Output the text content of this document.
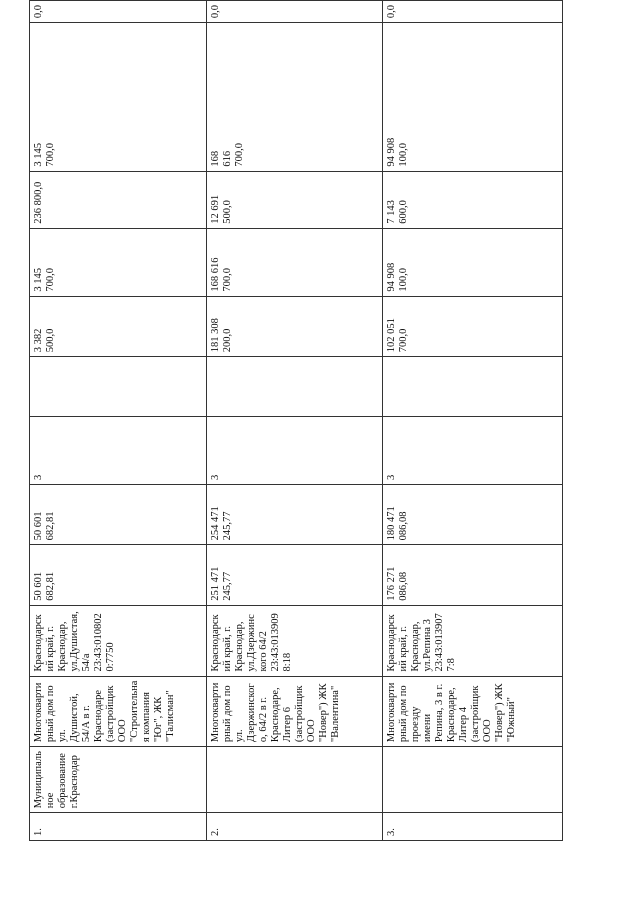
1.	Муниципаль ное образование г.Краснодар	Многокварти рный дом по ул. Душистой, 54/А в г. Краснодаре (застройщик ООО "Строительна я компания "Юг", ЖК "Талисман"	Краснодарск ий край, г. Краснодар, ул.Душистая, 54/а 23:43:010802 0:7750	50 601
682,81	50 601
682,81	3		3 382
500,0	3 145
700,0	236 800,0	3 145
700,0	0,0
2.		Многокварти рный дом по ул. Дзержинског о, 64/2 в г. Краснодаре, Литер 6 (застройщик ООО "Новер") ЖК "Валентина"	Краснодарск ий край, г. Краснодар, ул.Дзержинс кого 64/2 23:43:013909 8:18	251 471
245,77	254 471
245,77	3		181 308
200,0	168 616
700,0	12 691
500,0	168
616
700,0	0,0
3.		Многокварти рный дом по проезду имени Репина, 3 в г. Краснодаре, Литер 4 (застройщик ООО "Новер") ЖК "Южный"	Краснодарск ий край, г. Краснодар, ул.Репина 3 23:43:013907 7:8	176 271
086,08	180 471
086,08	3		102 051
700,0	94 908
100,0	7 143
600,0	94 908
100,0	0,0
